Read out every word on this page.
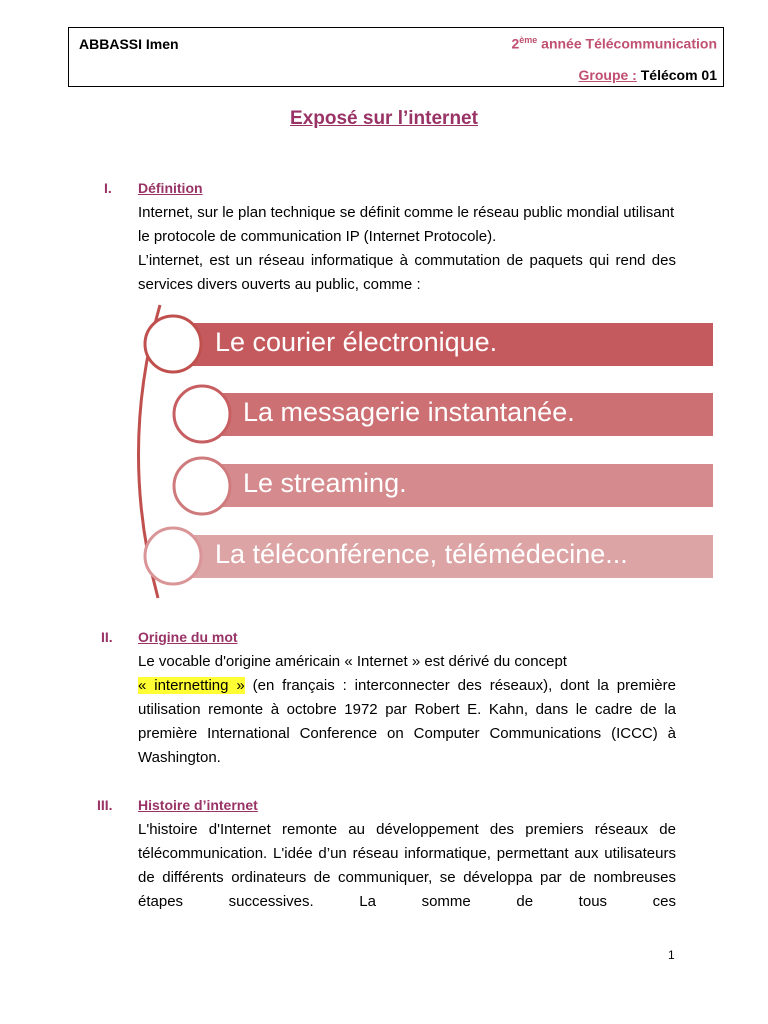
ABBASSI Imen	2ème année Télécommunication
Groupe : Télécom 01
Exposé sur l’internet
I. Définition
Internet, sur le plan technique se définit comme le réseau public mondial utilisant le protocole de communication IP (Internet Protocole).
L’internet, est un réseau informatique à commutation de paquets qui rend des services divers ouverts au public, comme :
Le courier électronique.
La messagerie instantanée.
Le streaming.
La téléconférence, télémédecine...
II. Origine du mot
Le vocable d'origine américain « Internet » est dérivé du concept
« internetting » (en français : interconnecter des réseaux), dont la première utilisation remonte à octobre 1972 par Robert E. Kahn, dans le cadre de la première International Conference on Computer Communications (ICCC) à Washington.
III. Histoire d’internet
L'histoire d'Internet remonte au développement des premiers réseaux de télécommunication. L'idée d’un réseau informatique, permettant aux utilisateurs de différents ordinateurs de communiquer, se développa par de nombreuses étapes successives. La somme de tous ces
1
